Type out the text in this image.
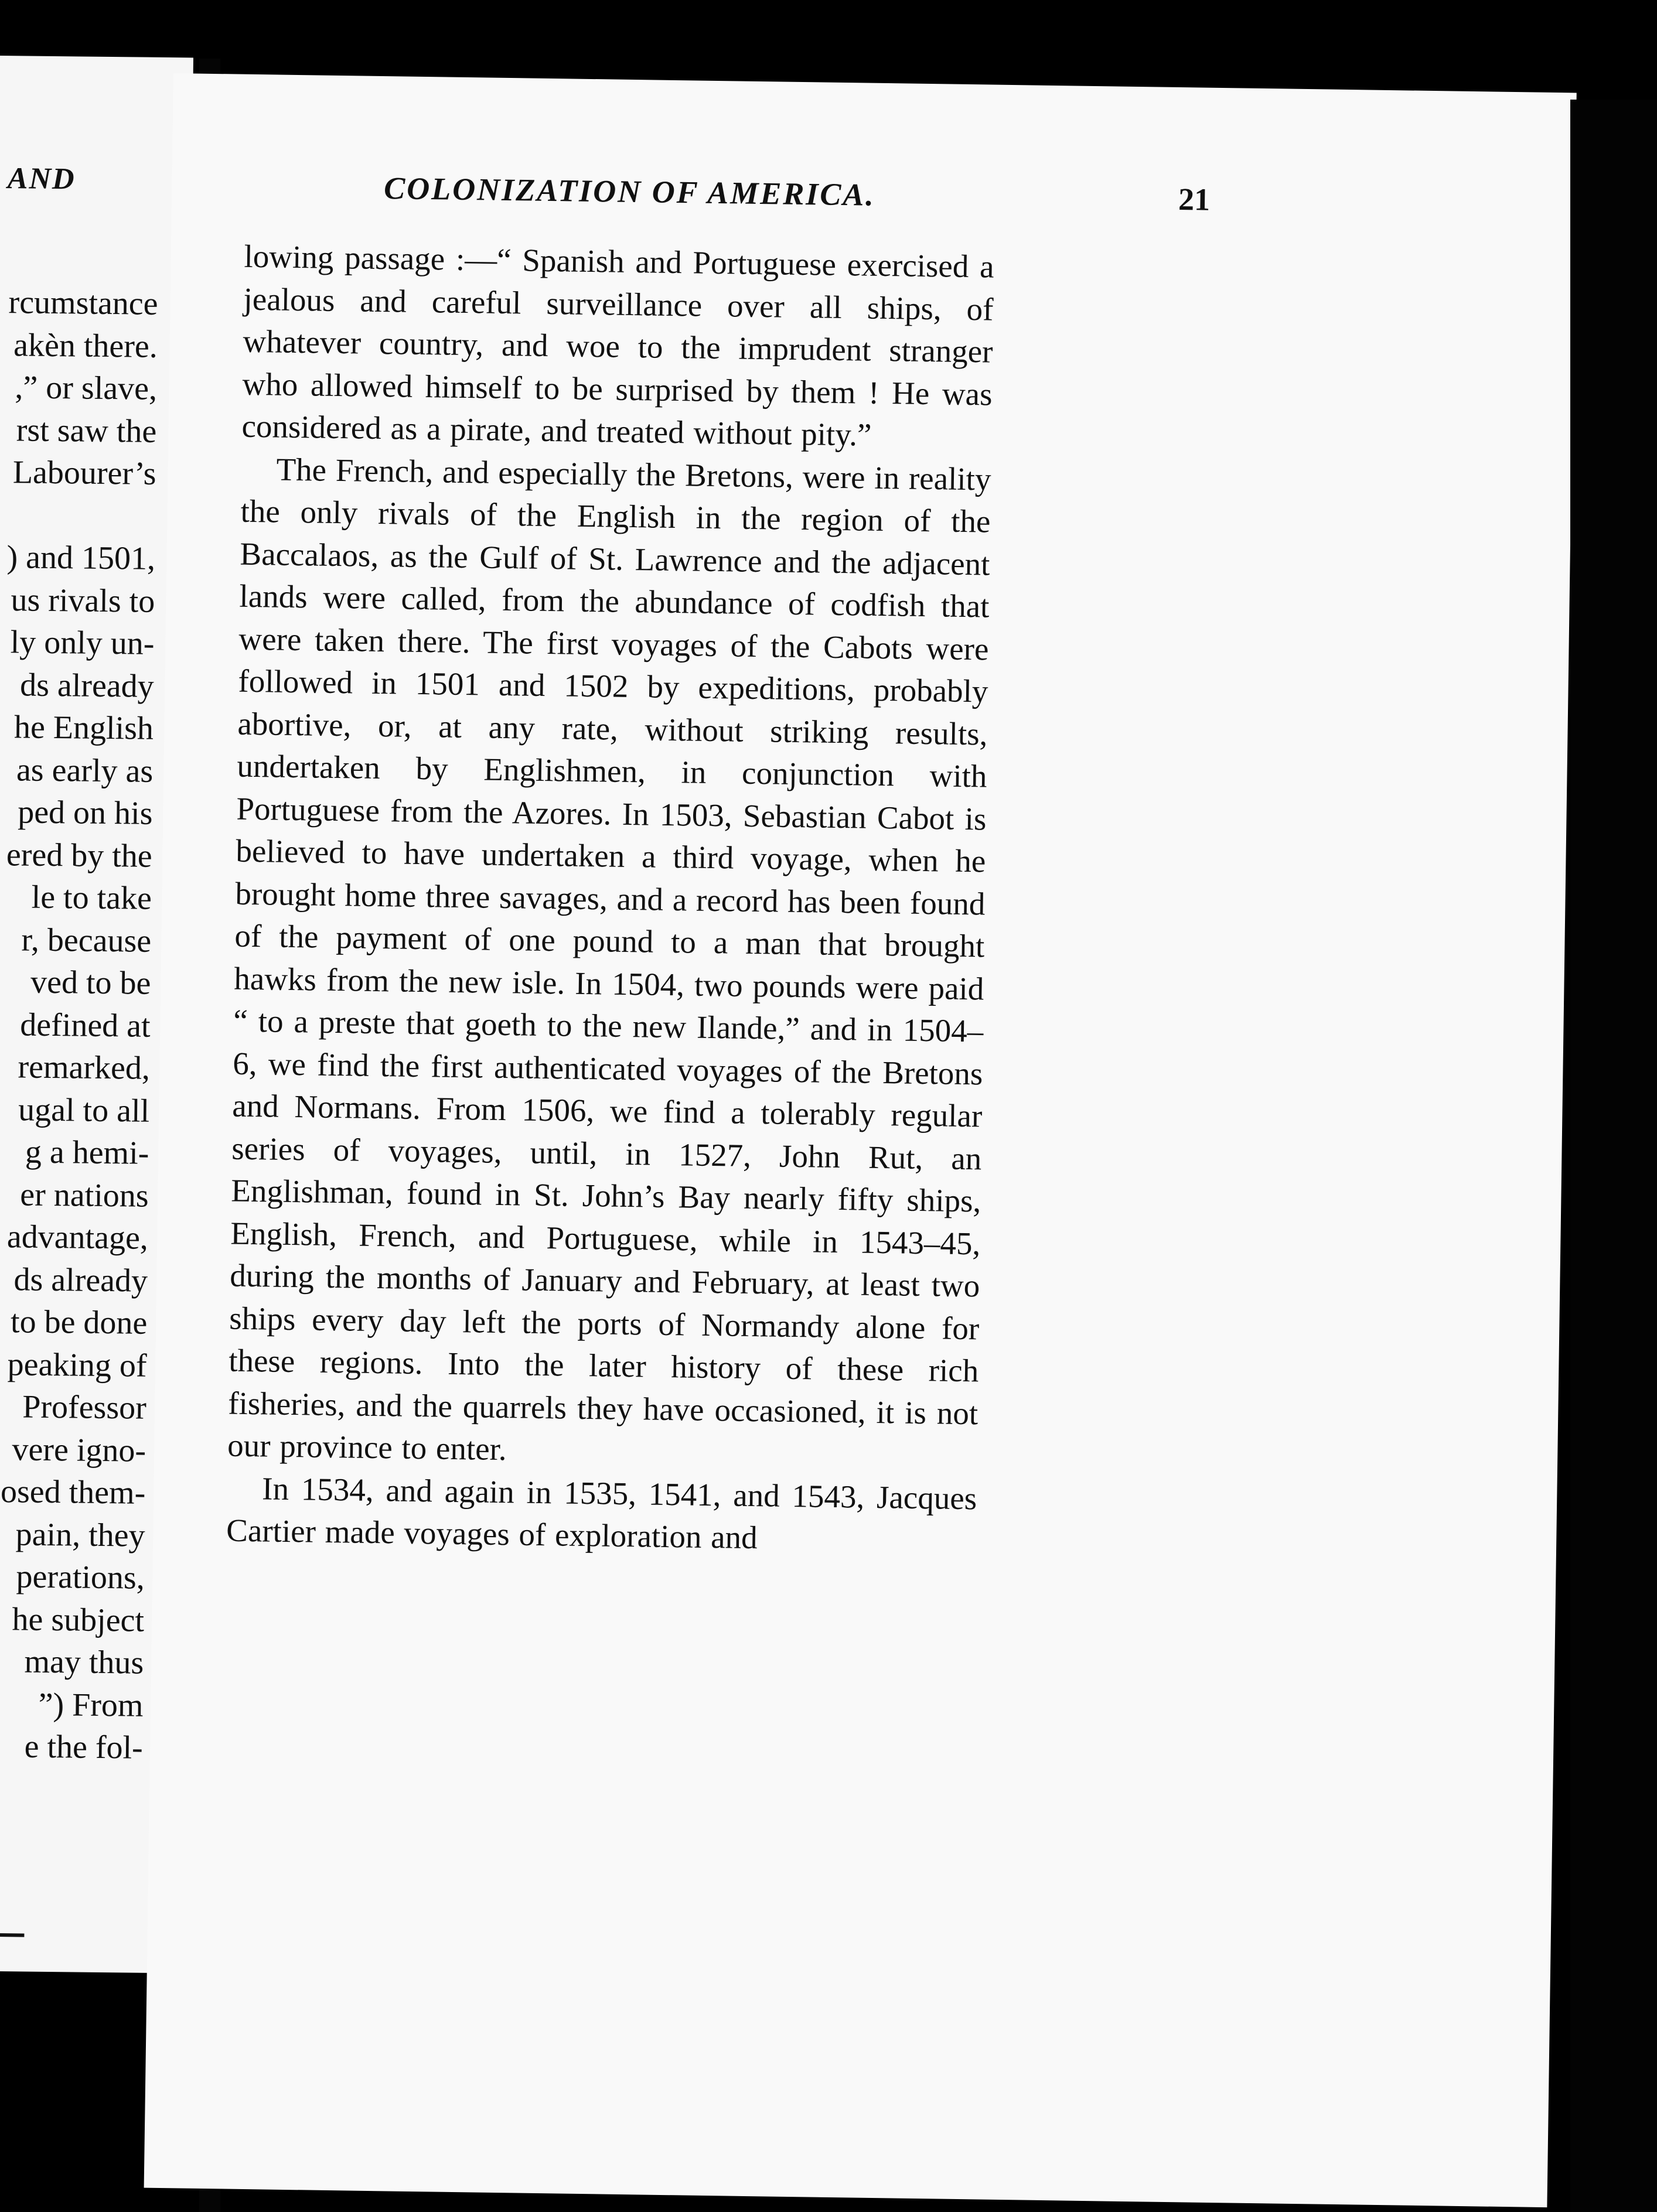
AND
rcumstance
akèn there.
,” or slave,
rst saw the
Labourer’s

) and 1501,
us rivals to
ly only un-
ds already
he English
as early as
ped on his
ered by the
le to take
r, because
ved to be
defined at
remarked,
ugal to all
g a hemi-
er nations
advantage,
ds already
to be done
peaking of
Professor
vere igno-
osed them-
pain, they
perations,
he subject
may thus
”) From
e the fol-
COLONIZATION OF AMERICA.	21

lowing passage :—“ Spanish and Portuguese exercised a jealous and careful surveillance over all ships, of whatever country, and woe to the imprudent stranger who allowed himself to be surprised by them ! He was considered as a pirate, and treated without pity.”

The French, and especially the Bretons, were in reality the only rivals of the English in the region of the Baccalaos, as the Gulf of St. Lawrence and the adjacent lands were called, from the abundance of codfish that were taken there. The first voyages of the Cabots were followed in 1501 and 1502 by expeditions, probably abortive, or, at any rate, without striking results, undertaken by Englishmen, in conjunction with Portuguese from the Azores. In 1503, Sebastian Cabot is believed to have undertaken a third voyage, when he brought home three savages, and a record has been found of the payment of one pound to a man that brought hawks from the new isle. In 1504, two pounds were paid “ to a preste that goeth to the new Ilande,” and in 1504–6, we find the first authenticated voyages of the Bretons and Normans. From 1506, we find a tolerably regular series of voyages, until, in 1527, John Rut, an Englishman, found in St. John’s Bay nearly fifty ships, English, French, and Portuguese, while in 1543–45, during the months of January and February, at least two ships every day left the ports of Normandy alone for these regions. Into the later history of these rich fisheries, and the quarrels they have occasioned, it is not our province to enter.

In 1534, and again in 1535, 1541, and 1543, Jacques Cartier made voyages of exploration and
